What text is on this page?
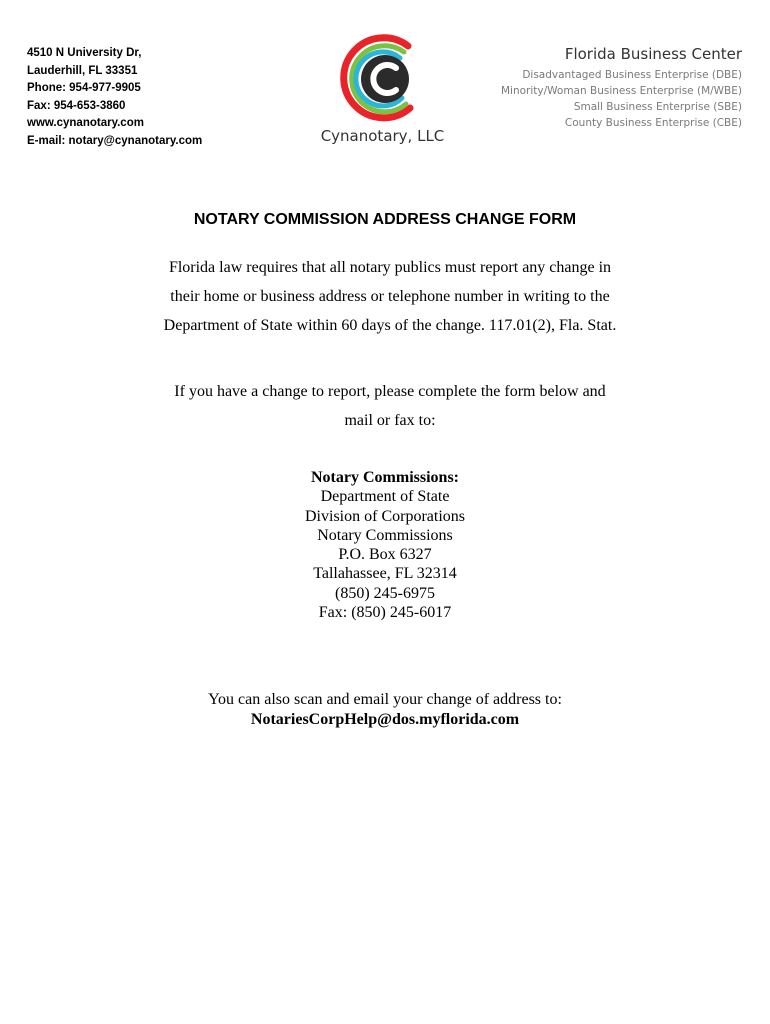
4510 N University Dr,
Lauderhill, FL 33351
Phone: 954-977-9905
Fax: 954-653-3860
www.cynanotary.com
E-mail: notary@cynanotary.com	Cynanotary, LLC
Florida Business Center
Disadvantaged Business Enterprise (DBE)
Minority/Woman Business Enterprise (M/WBE)
Small Business Enterprise (SBE)
County Business Enterprise (CBE)
NOTARY COMMISSION ADDRESS CHANGE FORM
Florida law requires that all notary publics must report any change in
their home or business address or telephone number in writing to the
Department of State within 60 days of the change. 117.01(2), Fla. Stat.
If you have a change to report, please complete the form below and
mail or fax to:
Notary Commissions:
Department of State
Division of Corporations
Notary Commissions
P.O. Box 6327
Tallahassee, FL 32314
(850) 245-6975
Fax: (850) 245-6017
You can also scan and email your change of address to:
NotariesCorpHelp@dos.myflorida.com
